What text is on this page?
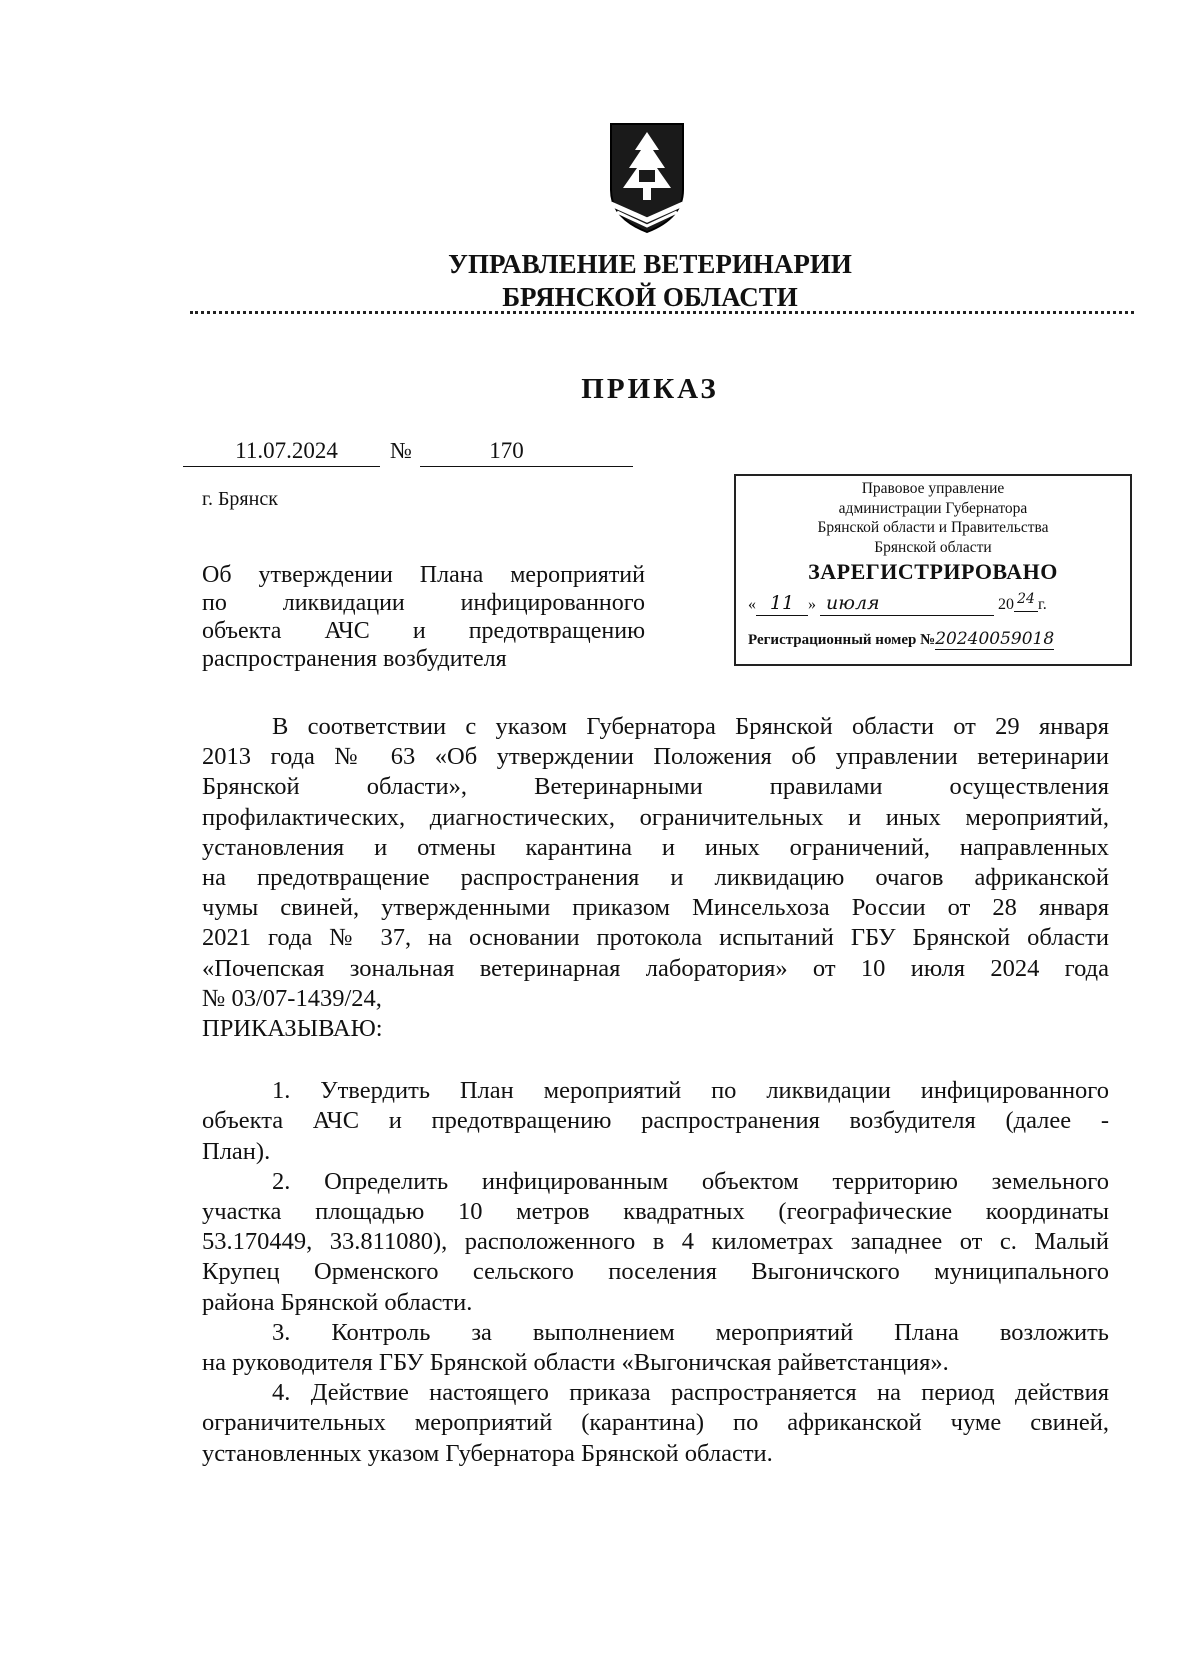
УПРАВЛЕНИЕ ВЕТЕРИНАРИИ
БРЯНСКОЙ ОБЛАСТИ
ПРИКАЗ
11.07.2024	№	170
г. Брянск
Об утверждении Плана мероприятий
по ликвидации инфицированного
объекта АЧС и предотвращению
распространения возбудителя
Правовое управление
администрации Губернатора
Брянской области и Правительства
Брянской области
ЗАРЕГИСТРИРОВАНО
« 11 » июля	20 24 г.
Регистрационный номер №20240059018
В соответствии с указом Губернатора Брянской области от 29 января
2013 года № 63 «Об утверждении Положения об управлении ветеринарии
Брянской области», Ветеринарными правилами осуществления
профилактических, диагностических, ограничительных и иных мероприятий,
установления и отмены карантина и иных ограничений, направленных
на предотвращение распространения и ликвидацию очагов африканской
чумы свиней, утвержденными приказом Минсельхоза России от 28 января
2021 года № 37, на основании протокола испытаний ГБУ Брянской области
«Почепская зональная ветеринарная лаборатория» от 10 июля 2024 года
№ 03/07-1439/24,
ПРИКАЗЫВАЮ:
1. Утвердить План мероприятий по ликвидации инфицированного
объекта АЧС и предотвращению распространения возбудителя (далее -
План).
2. Определить инфицированным объектом территорию земельного
участка площадью 10 метров квадратных (географические координаты
53.170449, 33.811080), расположенного в 4 километрах западнее от с. Малый
Крупец Орменского сельского поселения Выгоничского муниципального
района Брянской области.
3. Контроль за выполнением мероприятий Плана возложить
на руководителя ГБУ Брянской области «Выгоничская райветстанция».
4. Действие настоящего приказа распространяется на период действия
ограничительных мероприятий (карантина) по африканской чуме свиней,
установленных указом Губернатора Брянской области.
